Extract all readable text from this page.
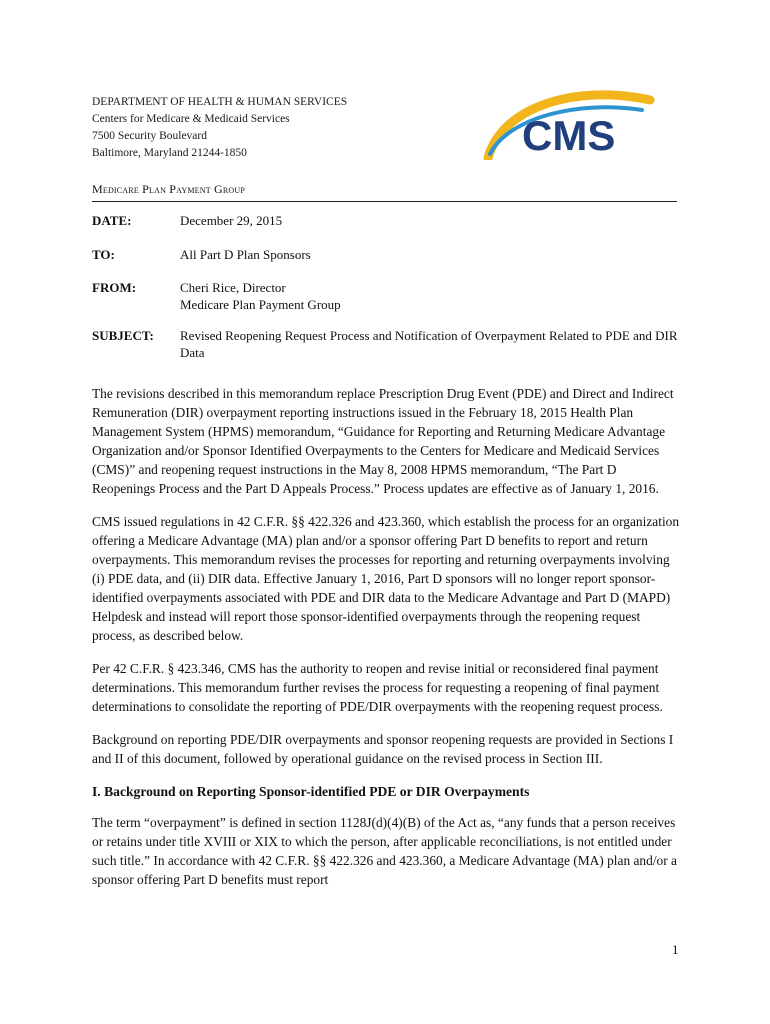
DEPARTMENT OF HEALTH & HUMAN SERVICES
Centers for Medicare & Medicaid Services
7500 Security Boulevard
Baltimore, Maryland 21244-1850	CMS
Medicare Plan Payment Group
DATE:	December 29, 2015
TO:	All Part D Plan Sponsors
FROM:	Cheri Rice, Director
Medicare Plan Payment Group
SUBJECT: Revised Reopening Request Process and Notification of Overpayment Related to PDE and DIR Data

The revisions described in this memorandum replace Prescription Drug Event (PDE) and Direct and Indirect Remuneration (DIR) overpayment reporting instructions issued in the February 18, 2015 Health Plan Management System (HPMS) memorandum, “Guidance for Reporting and Returning Medicare Advantage Organization and/or Sponsor Identified Overpayments to the Centers for Medicare and Medicaid Services (CMS)” and reopening request instructions in the May 8, 2008 HPMS memorandum, “The Part D Reopenings Process and the Part D Appeals Process.” Process updates are effective as of January 1, 2016.

CMS issued regulations in 42 C.F.R. §§ 422.326 and 423.360, which establish the process for an organization offering a Medicare Advantage (MA) plan and/or a sponsor offering Part D benefits to report and return overpayments. This memorandum revises the processes for reporting and returning overpayments involving (i) PDE data, and (ii) DIR data. Effective January 1, 2016, Part D sponsors will no longer report sponsor-identified overpayments associated with PDE and DIR data to the Medicare Advantage and Part D (MAPD) Helpdesk and instead will report those sponsor-identified overpayments through the reopening request process, as described below.

Per 42 C.F.R. § 423.346, CMS has the authority to reopen and revise initial or reconsidered final payment determinations. This memorandum further revises the process for requesting a reopening of final payment determinations to consolidate the reporting of PDE/DIR overpayments with the reopening request process.

Background on reporting PDE/DIR overpayments and sponsor reopening requests are provided in Sections I and II of this document, followed by operational guidance on the revised process in Section III.

I. Background on Reporting Sponsor-identified PDE or DIR Overpayments

The term “overpayment” is defined in section 1128J(d)(4)(B) of the Act as, “any funds that a person receives or retains under title XVIII or XIX to which the person, after applicable reconciliations, is not entitled under such title.” In accordance with 42 C.F.R. §§ 422.326 and 423.360, a Medicare Advantage (MA) plan and/or a sponsor offering Part D benefits must report

1
